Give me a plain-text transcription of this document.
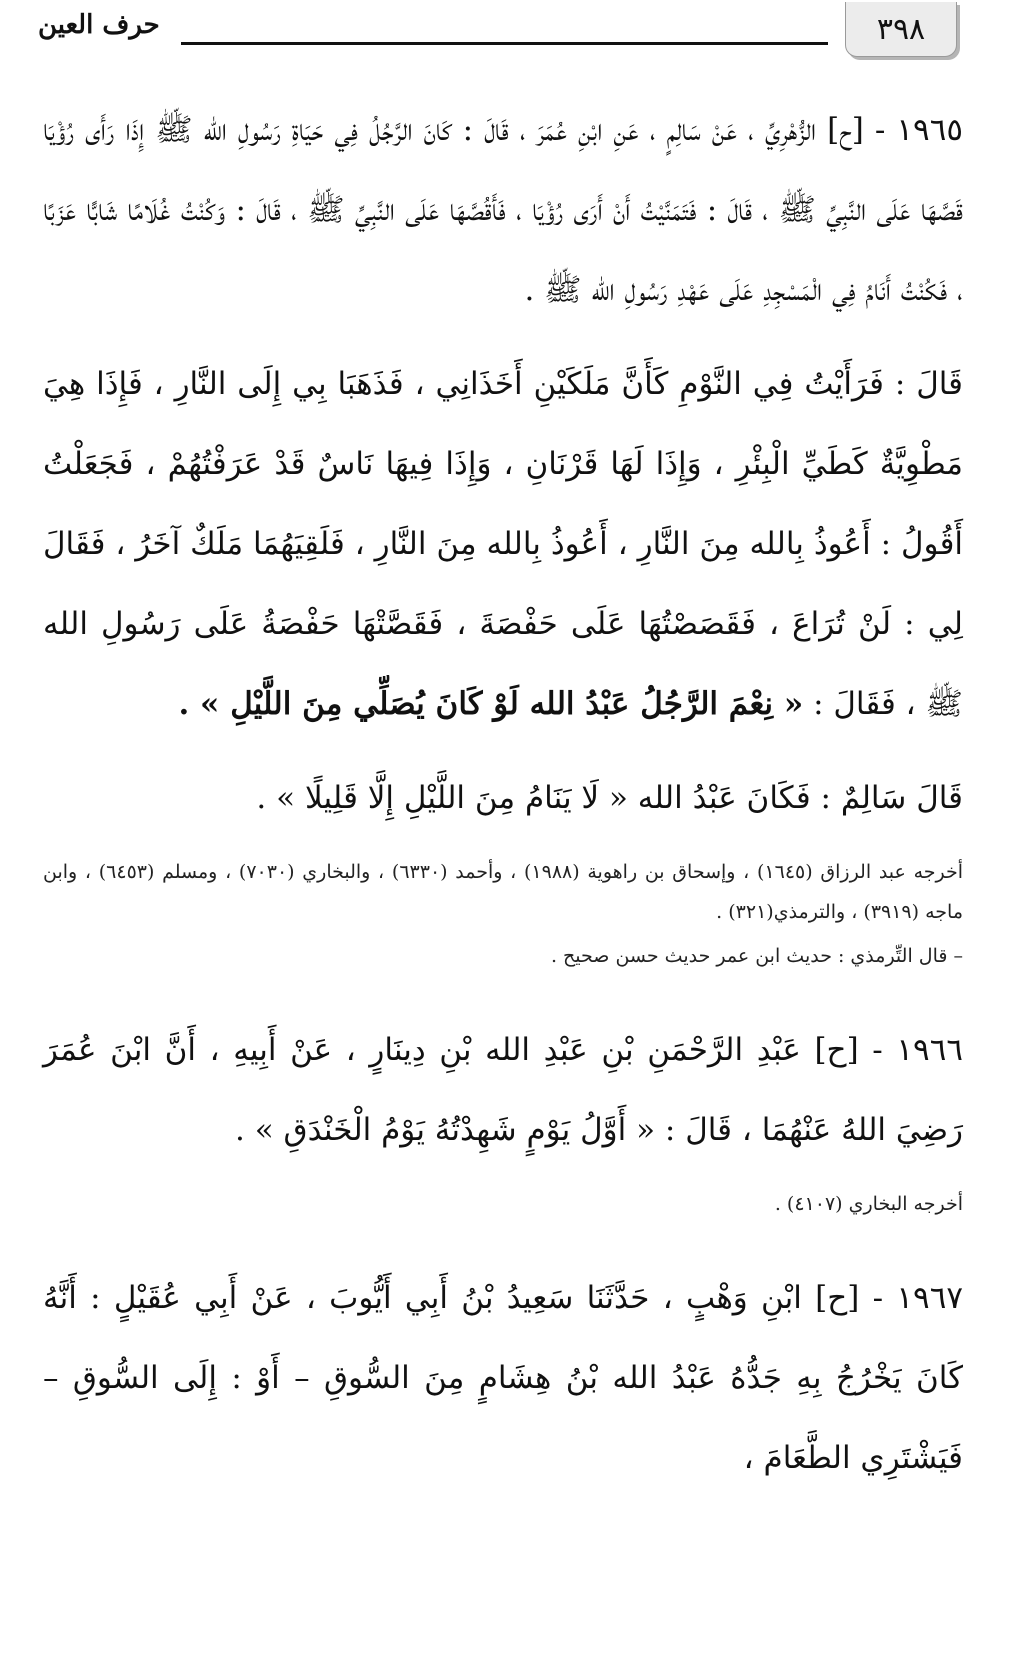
٣٩٨
حرف العين

١٩٦٥ - [ح] الزُّهْرِيِّ ، عَنْ سَالِمٍ ، عَنِ ابْنِ عُمَرَ ، قَالَ : كَانَ الرَّجُلُ فِي حَيَاةِ رَسُولِ الله ﷺ إِذَا رَأَى رُؤْيَا قَصَّهَا عَلَى النَّبِيِّ ﷺ ، قَالَ : فَتَمَنَّيْتُ أَنْ أَرَى رُؤْيَا ، فَأَقُصَّهَا عَلَى النَّبِيِّ ﷺ ، قَالَ : وَكُنْتُ غُلَامًا شَابًّا عَزَبًا ، فَكُنْتُ أَنَامُ فِي الْمَسْجِدِ عَلَى عَهْدِ رَسُولِ الله ﷺ .

قَالَ : فَرَأَيْتُ فِي النَّوْمِ كَأَنَّ مَلَكَيْنِ أَخَذَانِي ، فَذَهَبَا بِي إِلَى النَّارِ ، فَإِذَا هِيَ مَطْوِيَّةٌ كَطَيِّ الْبِئْرِ ، وَإِذَا لَهَا قَرْنَانِ ، وَإِذَا فِيهَا نَاسٌ قَدْ عَرَفْتُهُمْ ، فَجَعَلْتُ أَقُولُ : أَعُوذُ بِالله مِنَ النَّارِ ، أَعُوذُ بِالله مِنَ النَّارِ ، فَلَقِيَهُمَا مَلَكٌ آخَرُ ، فَقَالَ لِي : لَنْ تُرَاعَ ، فَقَصَصْتُهَا عَلَى حَفْصَةَ ، فَقَصَّتْهَا حَفْصَةُ عَلَى رَسُولِ الله ﷺ ، فَقَالَ : « نِعْمَ الرَّجُلُ عَبْدُ الله لَوْ كَانَ يُصَلِّي مِنَ اللَّيْلِ » .

قَالَ سَالِمٌ : فَكَانَ عَبْدُ الله « لَا يَنَامُ مِنَ اللَّيْلِ إِلَّا قَلِيلًا » .

أخرجه عبد الرزاق (١٦٤٥) ، وإسحاق بن راهوية (١٩٨٨) ، وأحمد (٦٣٣٠) ، والبخاري (٧٠٣٠) ، ومسلم (٦٤٥٣) ، وابن ماجه (٣٩١٩) ، والترمذي(٣٢١) .

– قال التِّرمذي : حديث ابن عمر حديث حسن صحيح .

١٩٦٦ - [ح] عَبْدِ الرَّحْمَنِ بْنِ عَبْدِ الله بْنِ دِينَارٍ ، عَنْ أَبِيهِ ، أَنَّ ابْنَ عُمَرَ رَضِيَ اللهُ عَنْهُمَا ، قَالَ : « أَوَّلُ يَوْمٍ شَهِدْتُهُ يَوْمُ الْخَنْدَقِ » .

أخرجه البخاري (٤١٠٧) .

١٩٦٧ - [ح] ابْنِ وَهْبٍ ، حَدَّثَنَا سَعِيدُ بْنُ أَبِي أَيُّوبَ ، عَنْ أَبِي عُقَيْلٍ : أَنَّهُ كَانَ يَخْرُجُ بِهِ جَدُّهُ عَبْدُ الله بْنُ هِشَامٍ مِنَ السُّوقِ – أَوْ : إِلَى السُّوقِ – فَيَشْتَرِي الطَّعَامَ ،
